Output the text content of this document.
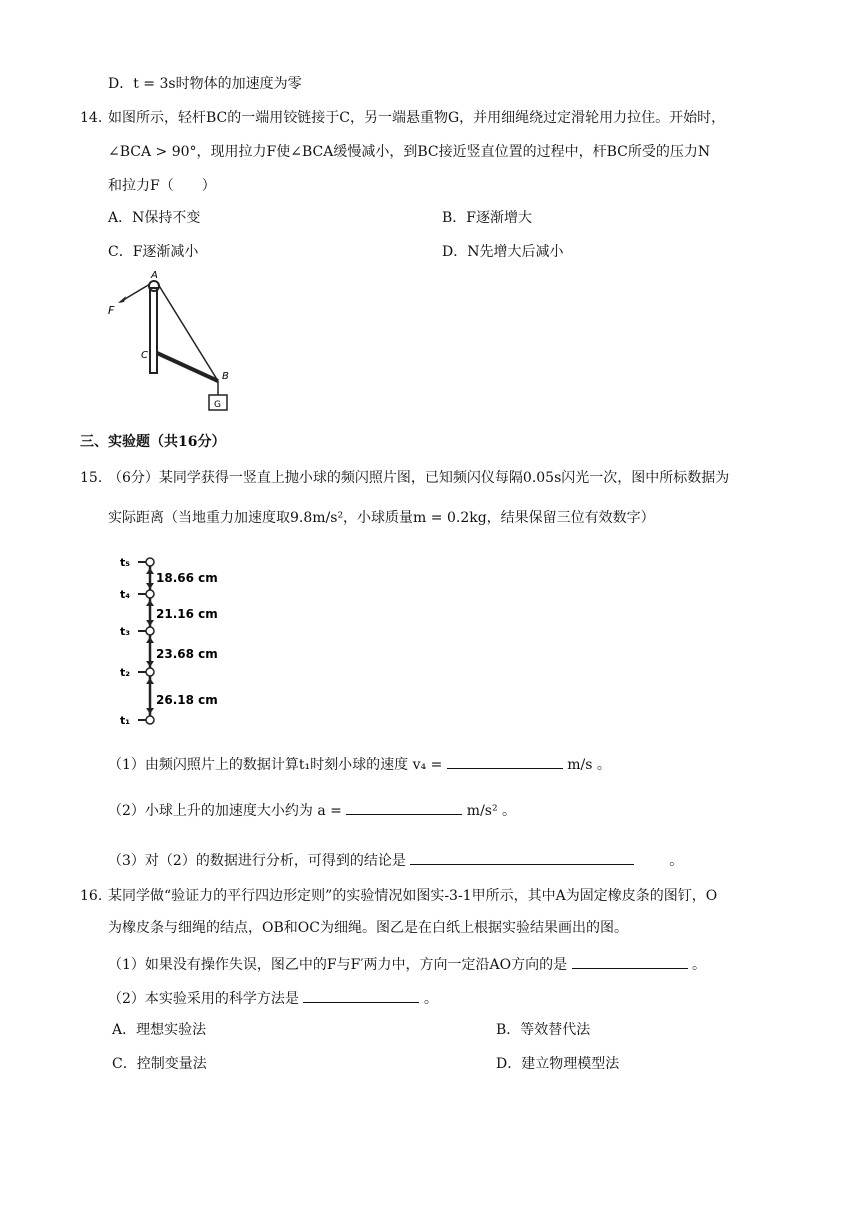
D．t = 3s时物体的加速度为零
14. 如图所示，轻杆BC的一端用铰链接于C，另一端悬重物G，并用细绳绕过定滑轮用力拉住。开始时，
∠BCA > 90°，现用拉力F使∠BCA缓慢减小，到BC接近竖直位置的过程中，杆BC所受的压力N
和拉力F（　　）
A．N保持不变	B．F逐渐增大
C．F逐渐减小	D．N先增大后减小
A
F
C
B
G
三、实验题（共16分）
15. （6分）某同学获得一竖直上抛小球的频闪照片图，已知频闪仪每隔0.05s闪光一次，图中所标数据为
实际距离（当地重力加速度取9.8m/s²，小球质量m = 0.2kg，结果保留三位有效数字）
t₅
t₄
t₃
t₂
t₁
18.66 cm
21.16 cm
23.68 cm
26.18 cm
（1）由频闪照片上的数据计算t₁时刻小球的速度 v₄ =	m/s 。
（2）小球上升的加速度大小约为 a =	m/s² 。
（3）对（2）的数据进行分析，可得到的结论是	。
16. 某同学做“验证力的平行四边形定则”的实验情况如图实-3-1甲所示，其中A为固定橡皮条的图钉，O
为橡皮条与细绳的结点，OB和OC为细绳。图乙是在白纸上根据实验结果画出的图。
（1）如果没有操作失误，图乙中的F与F′两力中，方向一定沿AO方向的是	。
（2）本实验采用的科学方法是	。
A．理想实验法	B．等效替代法
C．控制变量法	D．建立物理模型法
